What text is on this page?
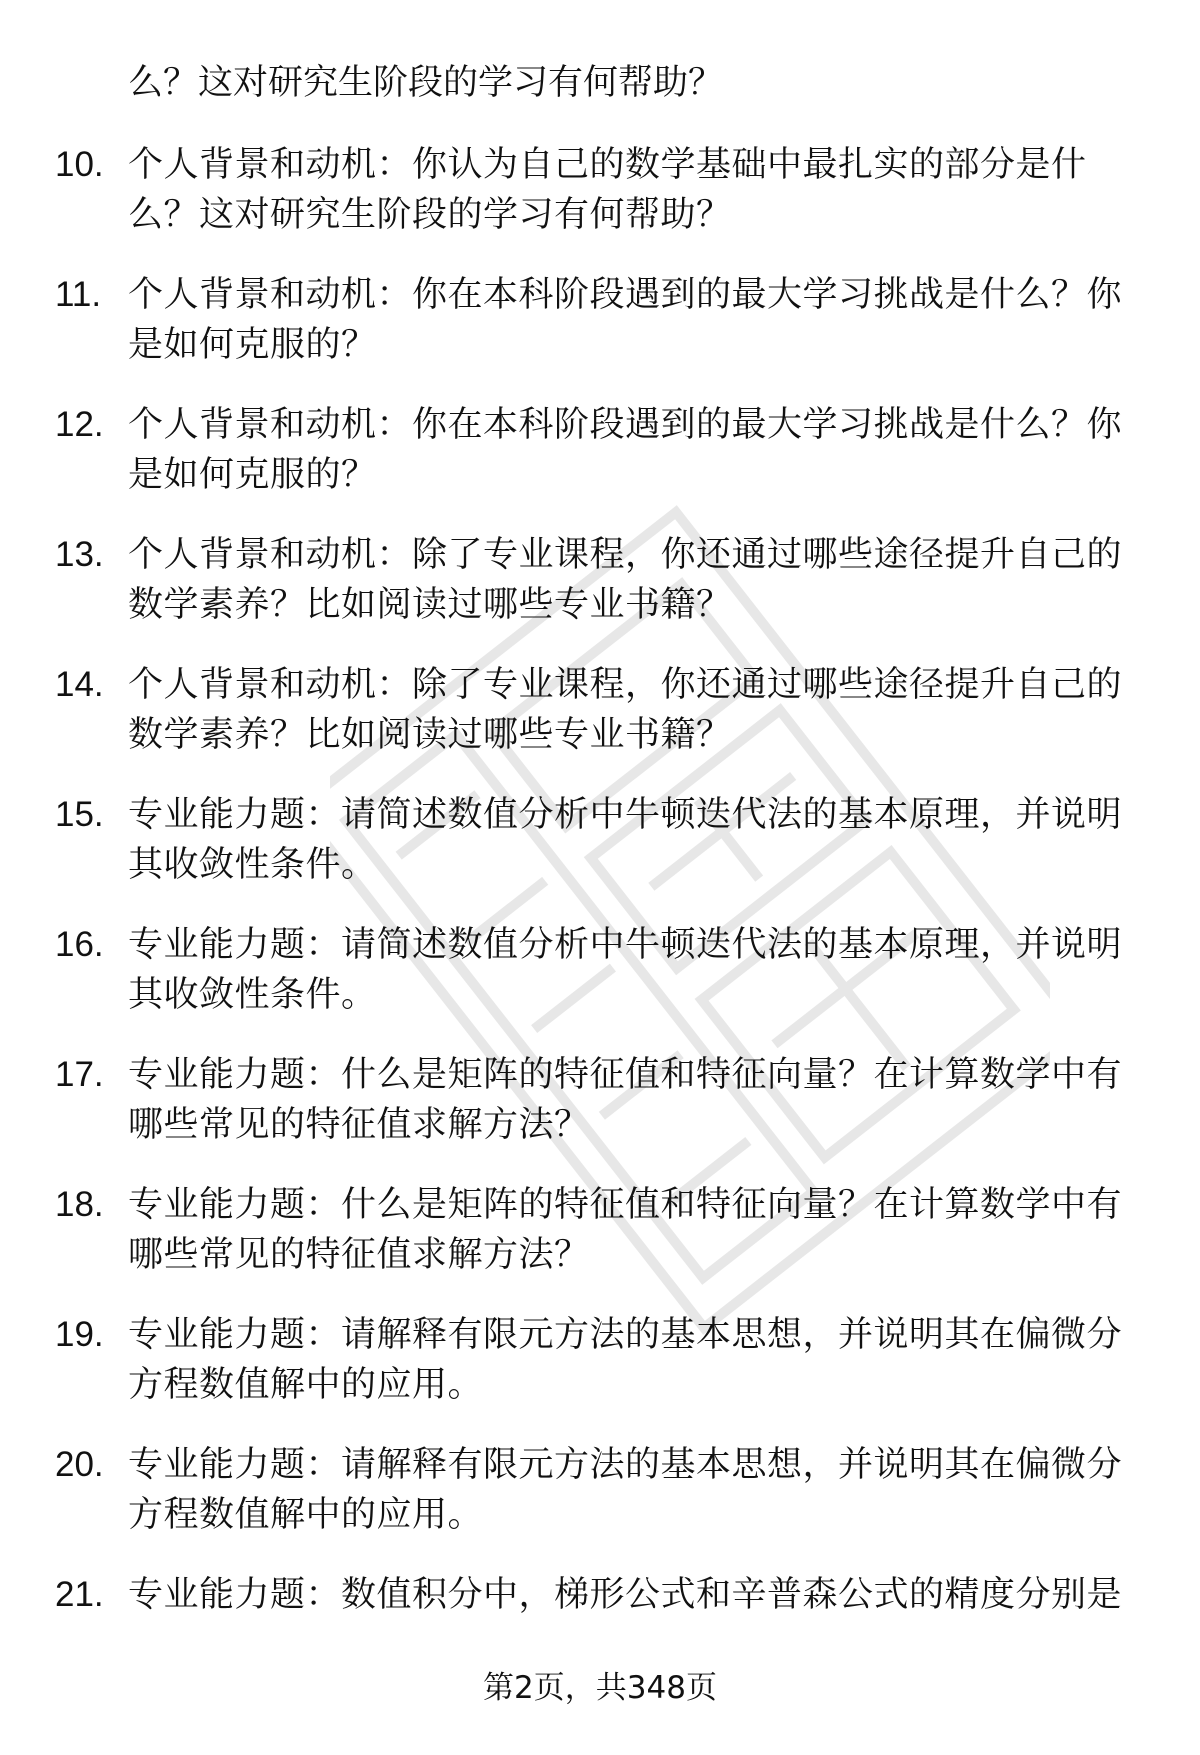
么？这对研究生阶段的学习有何帮助？
10. 个人背景和动机：你认为自己的数学基础中最扎实的部分是什么？这对研究生阶段的学习有何帮助？
11. 个人背景和动机：你在本科阶段遇到的最大学习挑战是什么？你是如何克服的？
12. 个人背景和动机：你在本科阶段遇到的最大学习挑战是什么？你是如何克服的？
13. 个人背景和动机：除了专业课程，你还通过哪些途径提升自己的数学素养？比如阅读过哪些专业书籍？
14. 个人背景和动机：除了专业课程，你还通过哪些途径提升自己的数学素养？比如阅读过哪些专业书籍？
15. 专业能力题：请简述数值分析中牛顿迭代法的基本原理，并说明其收敛性条件。
16. 专业能力题：请简述数值分析中牛顿迭代法的基本原理，并说明其收敛性条件。
17. 专业能力题：什么是矩阵的特征值和特征向量？在计算数学中有哪些常见的特征值求解方法？
18. 专业能力题：什么是矩阵的特征值和特征向量？在计算数学中有哪些常见的特征值求解方法？
19. 专业能力题：请解释有限元方法的基本思想，并说明其在偏微分方程数值解中的应用。
20. 专业能力题：请解释有限元方法的基本思想，并说明其在偏微分方程数值解中的应用。
21. 专业能力题：数值积分中，梯形公式和辛普森公式的精度分别是
第2页，共348页
